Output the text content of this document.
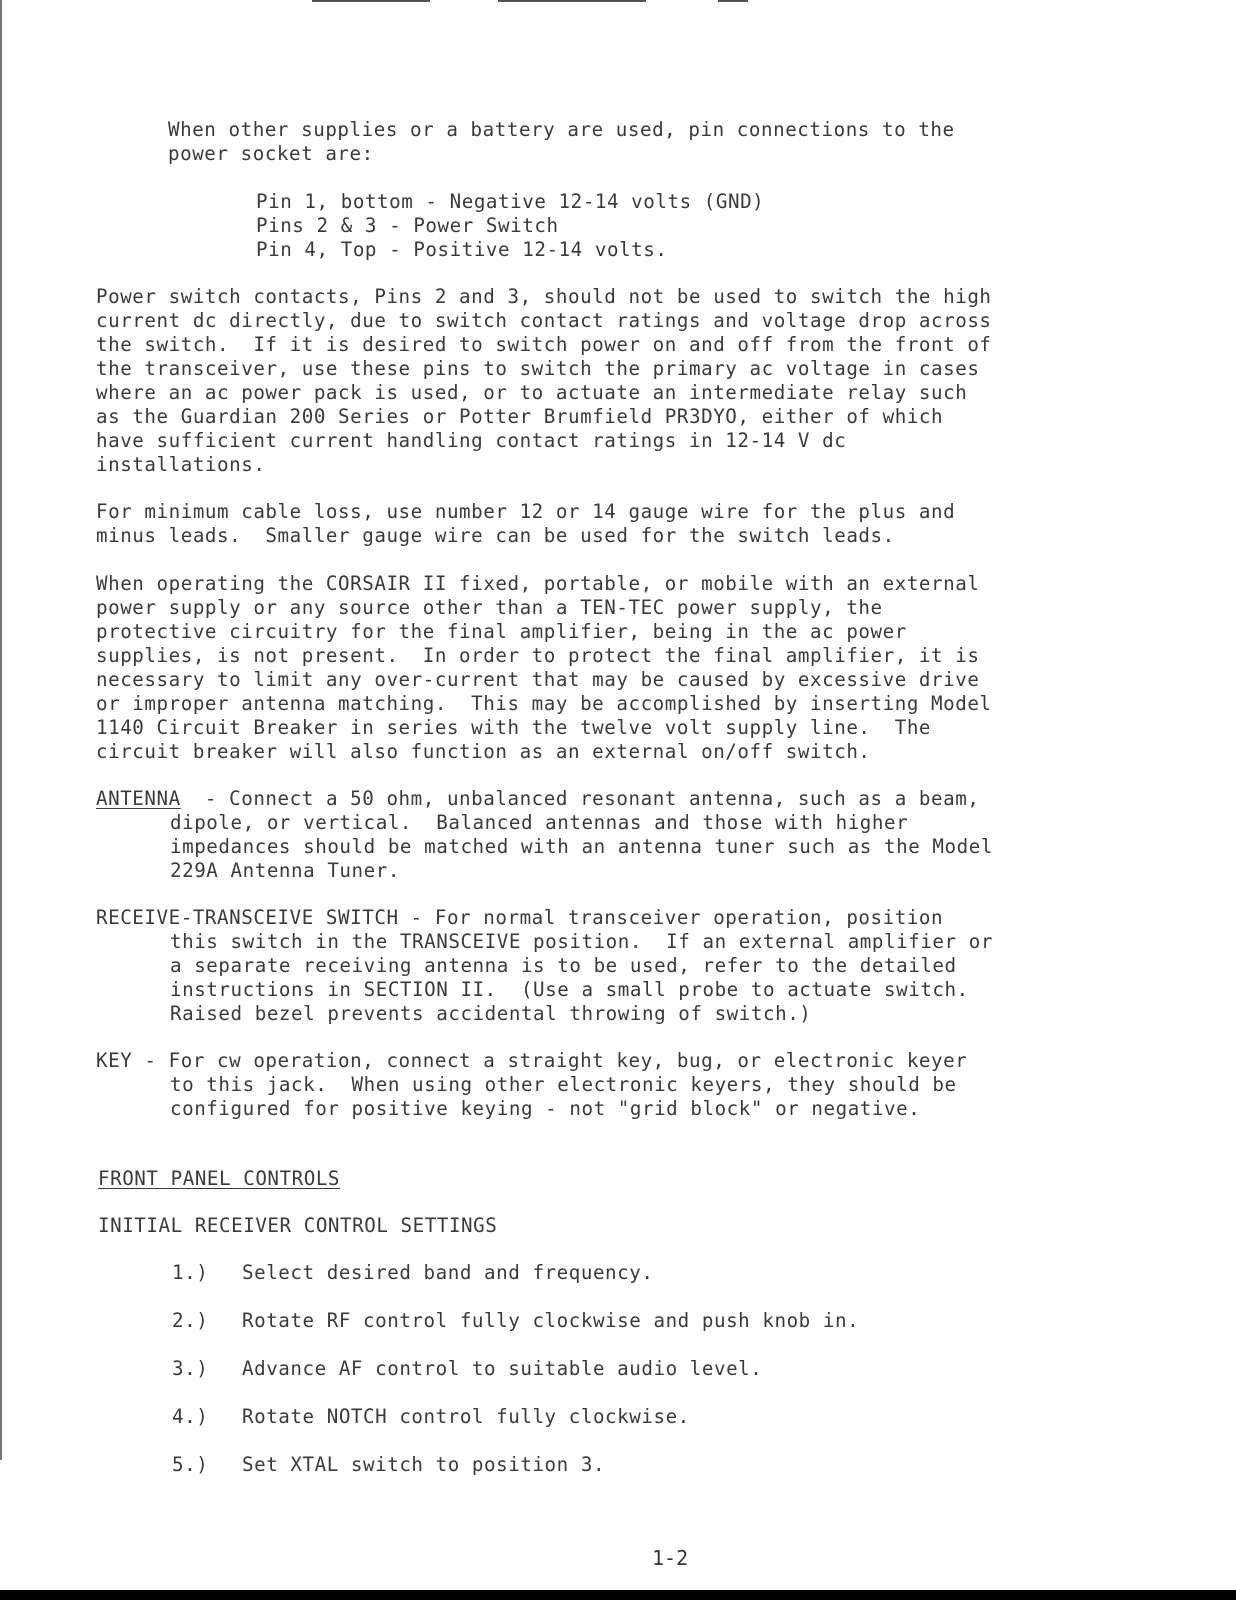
When other supplies or a battery are used, pin connections to the
power socket are:
Pin 1, bottom - Negative 12-14 volts (GND)
Pins 2 & 3 - Power Switch
Pin 4, Top - Positive 12-14 volts.
Power switch contacts, Pins 2 and 3, should not be used to switch the high
current dc directly, due to switch contact ratings and voltage drop across
the switch.  If it is desired to switch power on and off from the front of
the transceiver, use these pins to switch the primary ac voltage in cases
where an ac power pack is used, or to actuate an intermediate relay such
as the Guardian 200 Series or Potter Brumfield PR3DYO, either of which
have sufficient current handling contact ratings in 12-14 V dc
installations.
For minimum cable loss, use number 12 or 14 gauge wire for the plus and
minus leads.  Smaller gauge wire can be used for the switch leads.
When operating the CORSAIR II fixed, portable, or mobile with an external
power supply or any source other than a TEN-TEC power supply, the
protective circuitry for the final amplifier, being in the ac power
supplies, is not present.  In order to protect the final amplifier, it is
necessary to limit any over-current that may be caused by excessive drive
or improper antenna matching.  This may be accomplished by inserting Model
1140 Circuit Breaker in series with the twelve volt supply line.  The
circuit breaker will also function as an external on/off switch.
ANTENNA  - Connect a 50 ohm, unbalanced resonant antenna, such as a beam,
dipole, or vertical.  Balanced antennas and those with higher
impedances should be matched with an antenna tuner such as the Model
229A Antenna Tuner.
RECEIVE-TRANSCEIVE SWITCH - For normal transceiver operation, position
this switch in the TRANSCEIVE position.  If an external amplifier or
a separate receiving antenna is to be used, refer to the detailed
instructions in SECTION II.  (Use a small probe to actuate switch.
Raised bezel prevents accidental throwing of switch.)
KEY - For cw operation, connect a straight key, bug, or electronic keyer
to this jack.  When using other electronic keyers, they should be
configured for positive keying - not "grid block" or negative.
FRONT PANEL CONTROLS
INITIAL RECEIVER CONTROL SETTINGS
1.) Select desired band and frequency.
2.) Rotate RF control fully clockwise and push knob in.
3.) Advance AF control to suitable audio level.
4.) Rotate NOTCH control fully clockwise.
5.) Set XTAL switch to position 3.
1-2
